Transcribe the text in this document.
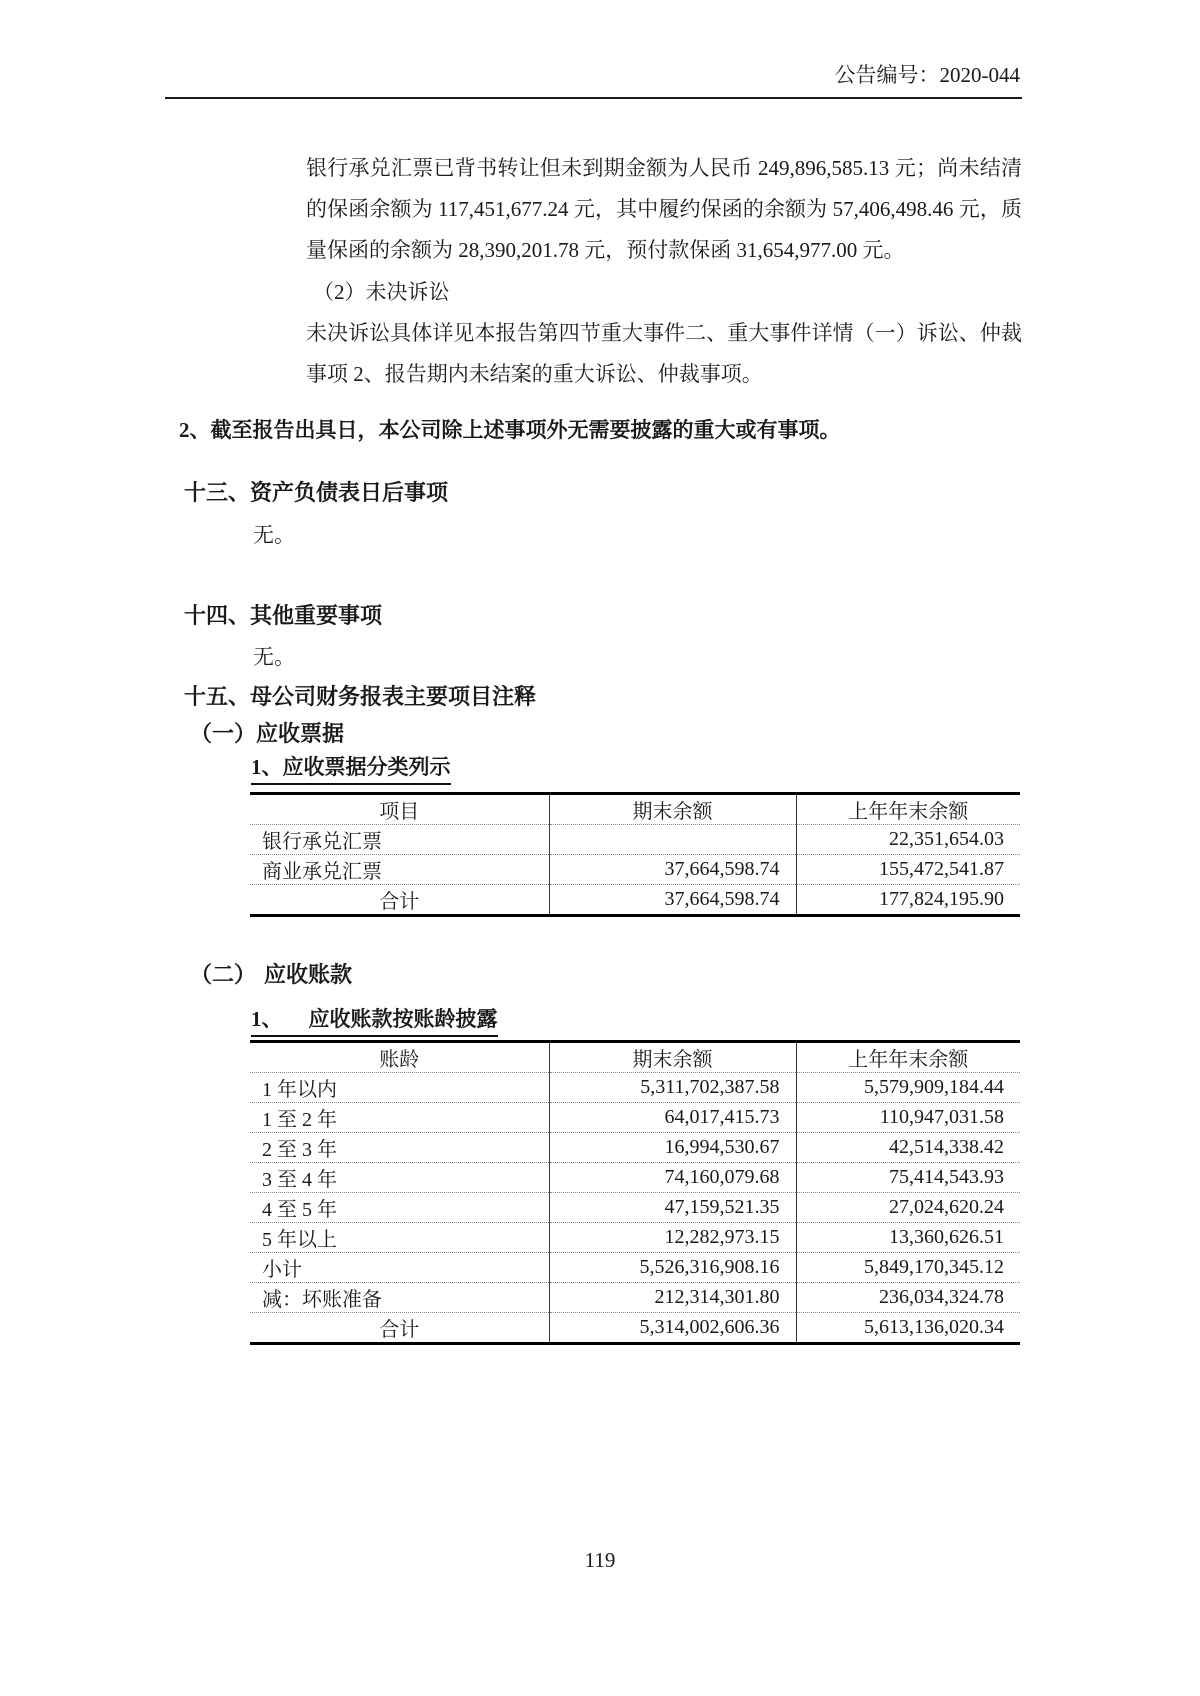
公告编号：2020-044

银行承兑汇票已背书转让但未到期金额为人民币 249,896,585.13 元；尚未结清的保函余额为 117,451,677.24 元，其中履约保函的余额为 57,406,498.46 元，质量保函的余额为 28,390,201.78 元，预付款保函 31,654,977.00 元。

（2）未决诉讼

未决诉讼具体详见本报告第四节重大事件二、重大事件详情（一）诉讼、仲裁事项 2、报告期内未结案的重大诉讼、仲裁事项。

2、截至报告出具日，本公司除上述事项外无需要披露的重大或有事项。

十三、资产负债表日后事项

无。

十四、其他重要事项

无。

十五、母公司财务报表主要项目注释
（一）应收票据
1、应收票据分类列示
项目	期末余额	上年年末余额
银行承兑汇票		22,351,654.03
商业承兑汇票	37,664,598.74	155,472,541.87
合计	37,664,598.74	177,824,195.90
（二） 应收账款
1、 应收账款按账龄披露
账龄	期末余额	上年年末余额
1 年以内	5,311,702,387.58	5,579,909,184.44
1 至 2 年	64,017,415.73	110,947,031.58
2 至 3 年	16,994,530.67	42,514,338.42
3 至 4 年	74,160,079.68	75,414,543.93
4 至 5 年	47,159,521.35	27,024,620.24
5 年以上	12,282,973.15	13,360,626.51
小计	5,526,316,908.16	5,849,170,345.12
减：坏账准备	212,314,301.80	236,034,324.78
合计	5,314,002,606.36	5,613,136,020.34
119
